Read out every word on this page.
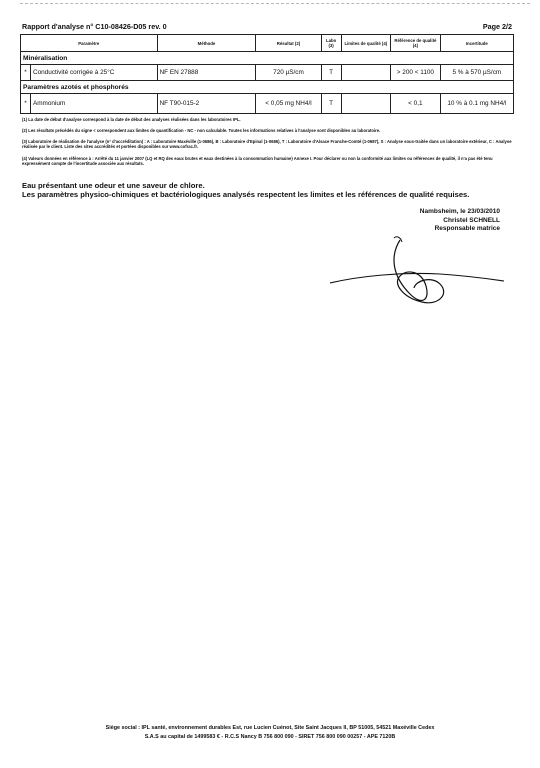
Rapport d'analyse n° C10-08426-D05 rev. 0	Page 2/2
Paramètre		Méthode	Résultat (2)	Labo (3)	Limites de qualité (4)	Référence de qualité (4)	Incertitude
Minéralisation							
*	Conductivité corrigée à 25°C	NF EN 27888	720 µS/cm	T		> 200 < 1100	5 % à 570 µS/cm
Paramètres azotés et phosphorés							
*	Ammonium	NF T90-015-2	< 0,05 mg NH4/l	T		< 0,1	10 % à 0.1 mg NH4/l

(1) La date de début d'analyse correspond à la date de début des analyses réalisées dans les laboratoires IPL.

(2) Les résultats précédés du signe < correspondent aux limites de quantification - NC - non calculable. Toutes les informations relatives à l'analyse sont disponibles au laboratoire.

(3) Laboratoire de réalisation de l'analyse (n° d'accréditation) : A : Laboratoire Maxéville (1-0686), B : Laboratoire d'Epinal (1-0686), T : Laboratoire d'Alsace Franche-Comté (1-0687), S : Analyse sous-traitée dans un laboratoire extérieur, C : Analyse réalisée par le client. Liste des sites accrédités et portées disponibles sur www.cofrac.fr.

(4) Valeurs données en référence à : Arrêté du 11 janvier 2007 (LQ et RQ des eaux brutes et eaux destinées à la consommation humaine) Annexe I. Pour déclarer ou non la conformité aux limites ou références de qualité, il n'a pas été tenu expressément compte de l'incertitude associée aux résultats.

Eau présentant une odeur et une saveur de chlore.
Les paramètres physico-chimiques et bactériologiques analysés respectent les limites et les références de qualité requises.
Nambsheim, le 23/03/2010
Christel SCHNELL
Responsable matrice
Siège social : IPL santé, environnement durables Est, rue Lucien Cuénot, Site Saint Jacques II, BP 51005, 54521 Maxéville Cedex
S.A.S au capital de 1499583 € - R.C.S Nancy B 756 800 090 - SIRET 756 800 090 00257 - APE 7120B
